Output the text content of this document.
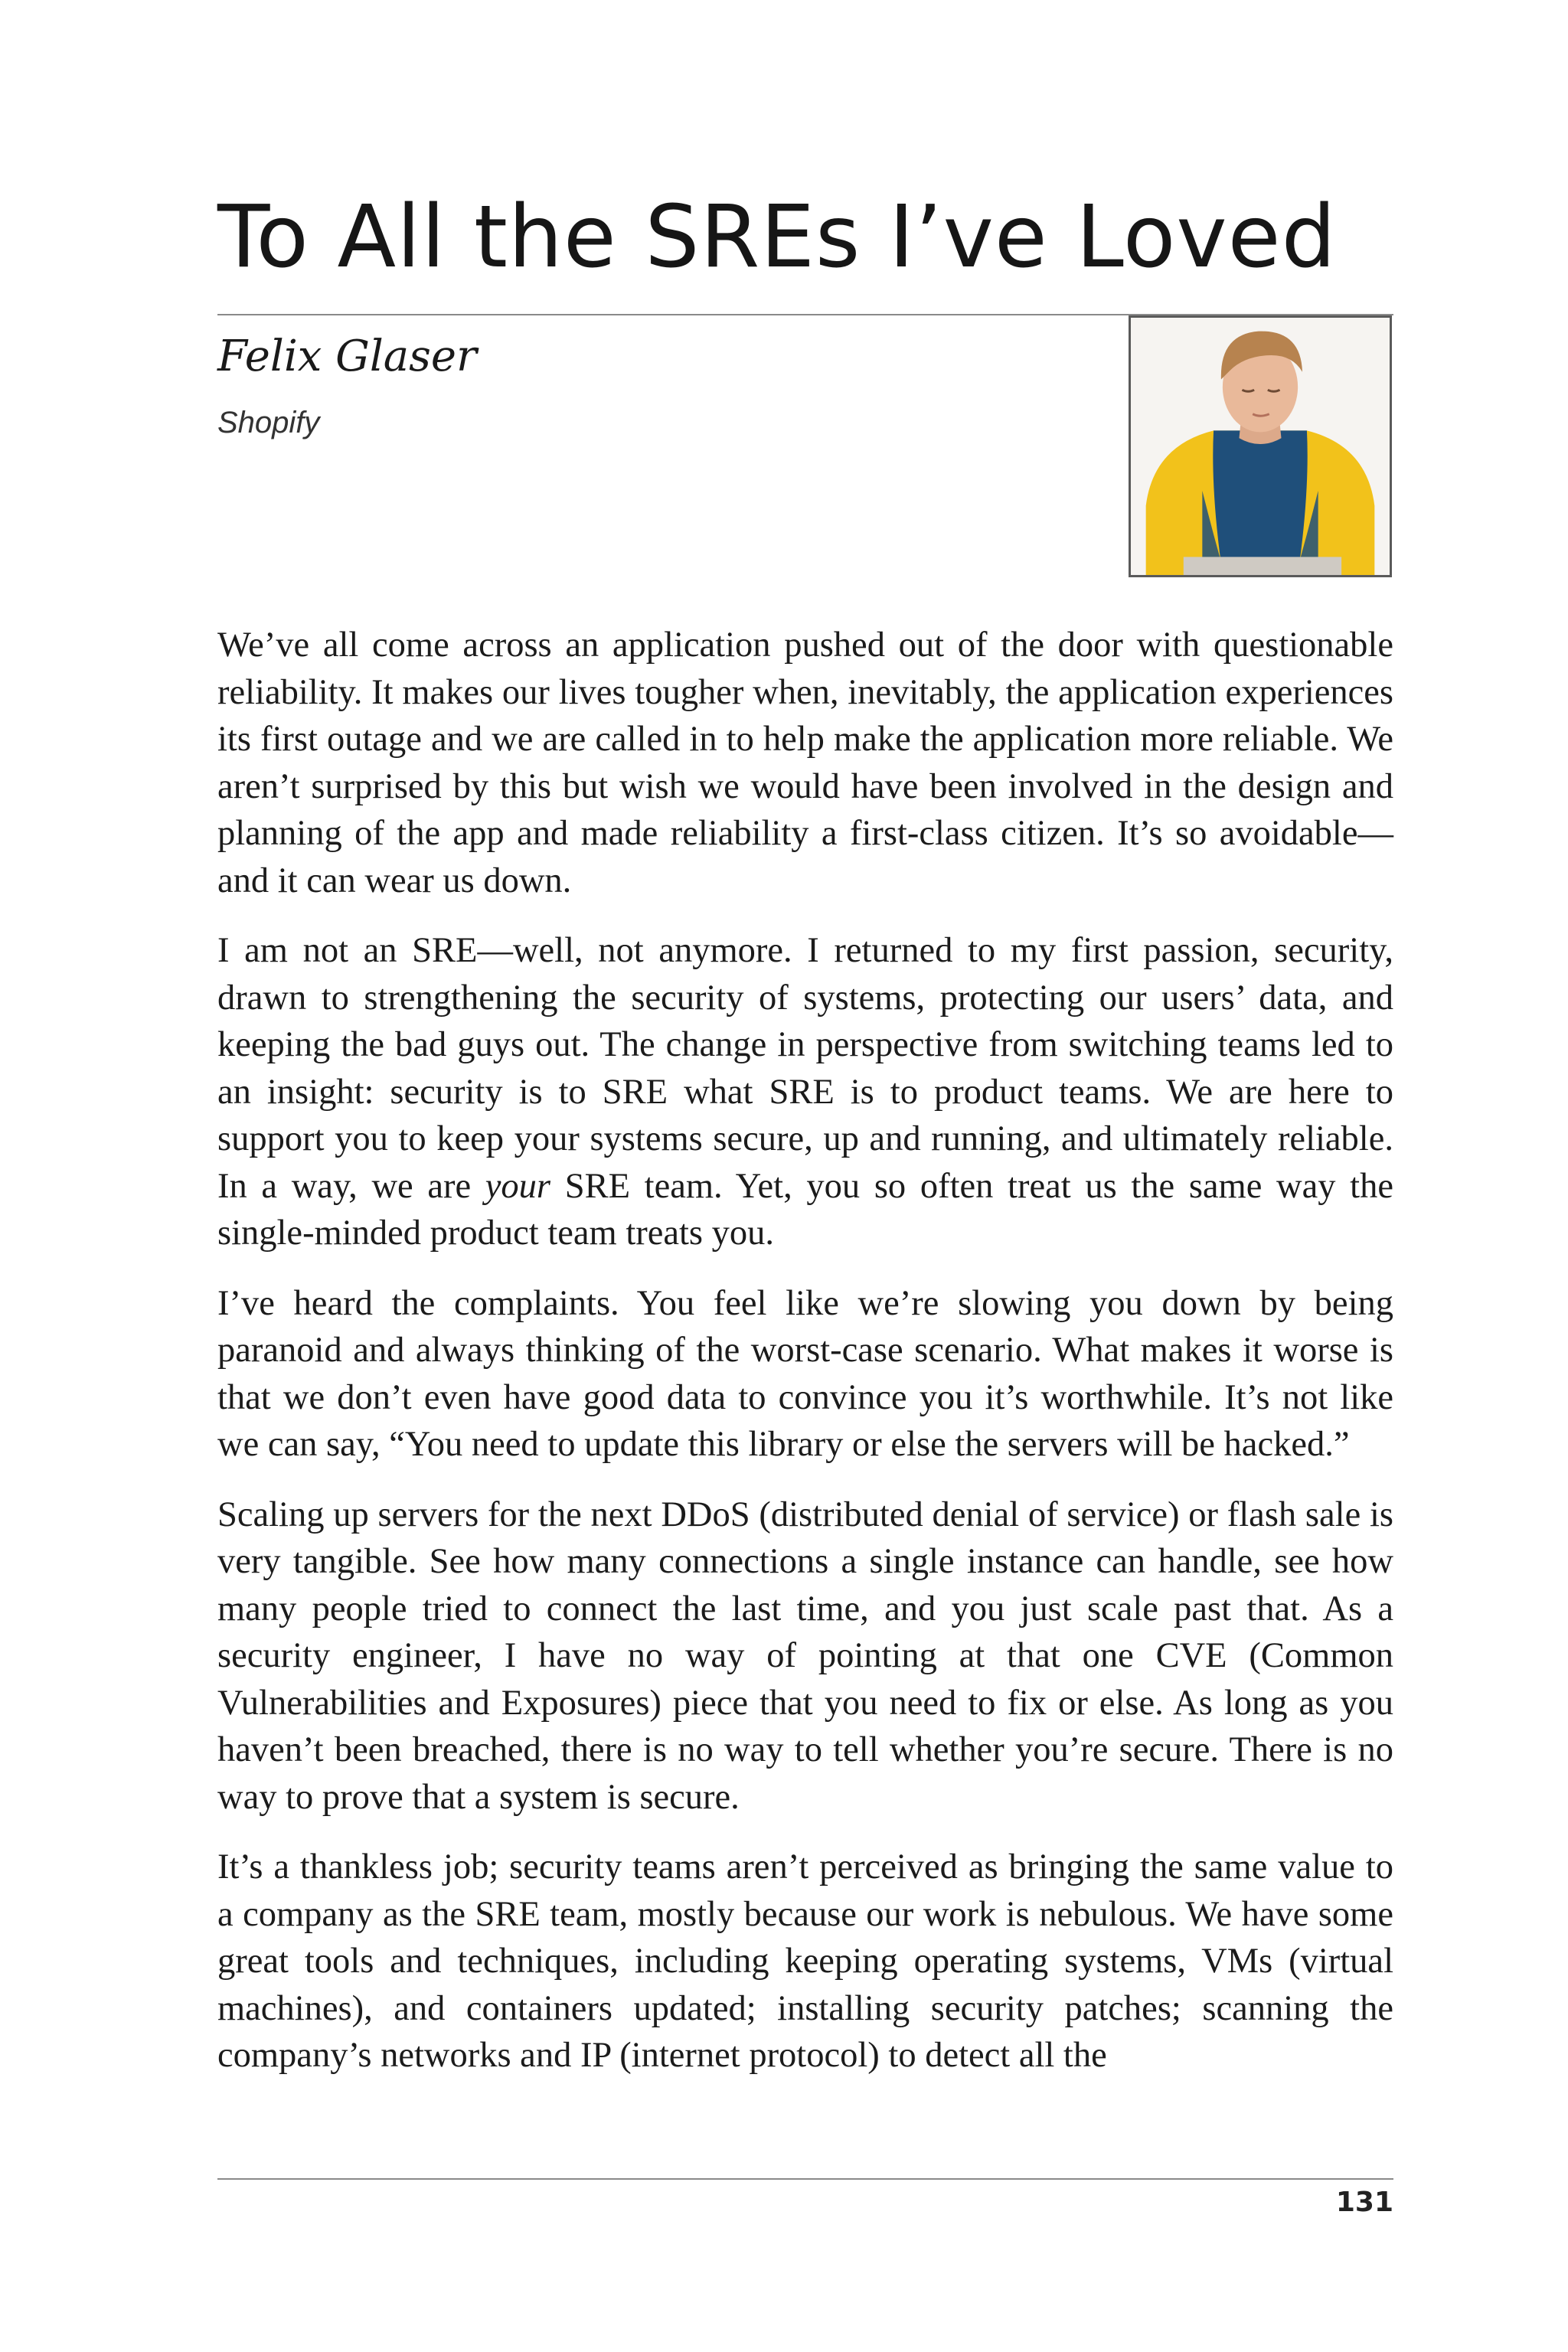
To All the SREs I’ve Loved
Felix Glaser
Shopify

We’ve all come across an application pushed out of the door with questionable reliability. It makes our lives tougher when, inevitably, the application experiences its first outage and we are called in to help make the application more reliable. We aren’t surprised by this but wish we would have been involved in the design and planning of the app and made reliability a first-class citizen. It’s so avoidable—and it can wear us down.

I am not an SRE—well, not anymore. I returned to my first passion, security, drawn to strengthening the security of systems, protecting our users’ data, and keeping the bad guys out. The change in perspective from switching teams led to an insight: security is to SRE what SRE is to product teams. We are here to support you to keep your systems secure, up and running, and ultimately reliable. In a way, we are your SRE team. Yet, you so often treat us the same way the single-minded product team treats you.

I’ve heard the complaints. You feel like we’re slowing you down by being paranoid and always thinking of the worst-case scenario. What makes it worse is that we don’t even have good data to convince you it’s worthwhile. It’s not like we can say, “You need to update this library or else the servers will be hacked.”

Scaling up servers for the next DDoS (distributed denial of service) or flash sale is very tangible. See how many connections a single instance can handle, see how many people tried to connect the last time, and you just scale past that. As a security engineer, I have no way of pointing at that one CVE (Common Vulnerabilities and Exposures) piece that you need to fix or else. As long as you haven’t been breached, there is no way to tell whether you’re secure. There is no way to prove that a system is secure.

It’s a thankless job; security teams aren’t perceived as bringing the same value to a company as the SRE team, mostly because our work is nebulous. We have some great tools and techniques, including keeping operating systems, VMs (virtual machines), and containers updated; installing security patches; scanning the company’s networks and IP (internet protocol) to detect all the

131
